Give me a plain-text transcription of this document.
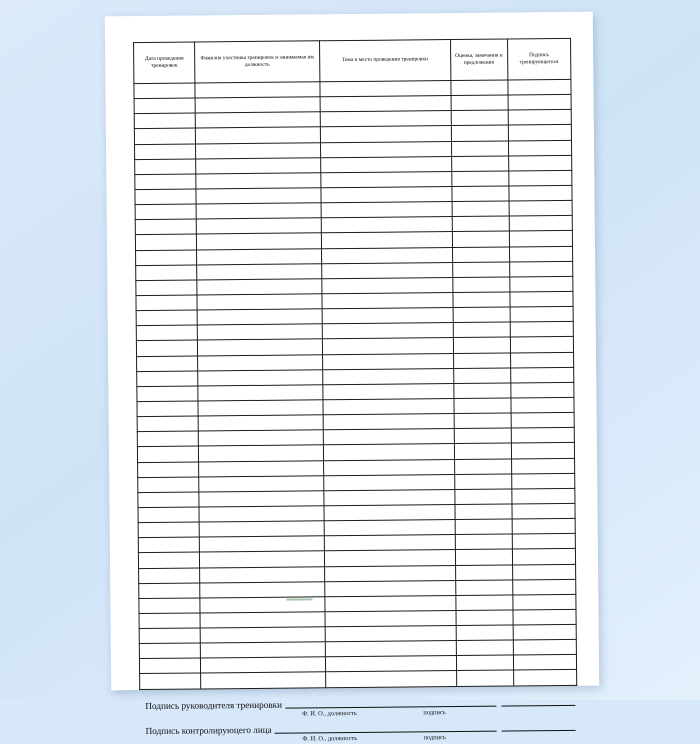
Дата проведения тренировок	Фамилия участника тренировок и занимаемая им должность	Тема и место проведения тренировки	Оценка, замечания и предложения	Подпись тренирующегося

Подпись руководителя тренировки
Ф. И. О., должность	подпись
Подпись контролируюцего лица
Ф. И. О., должность	подпись
